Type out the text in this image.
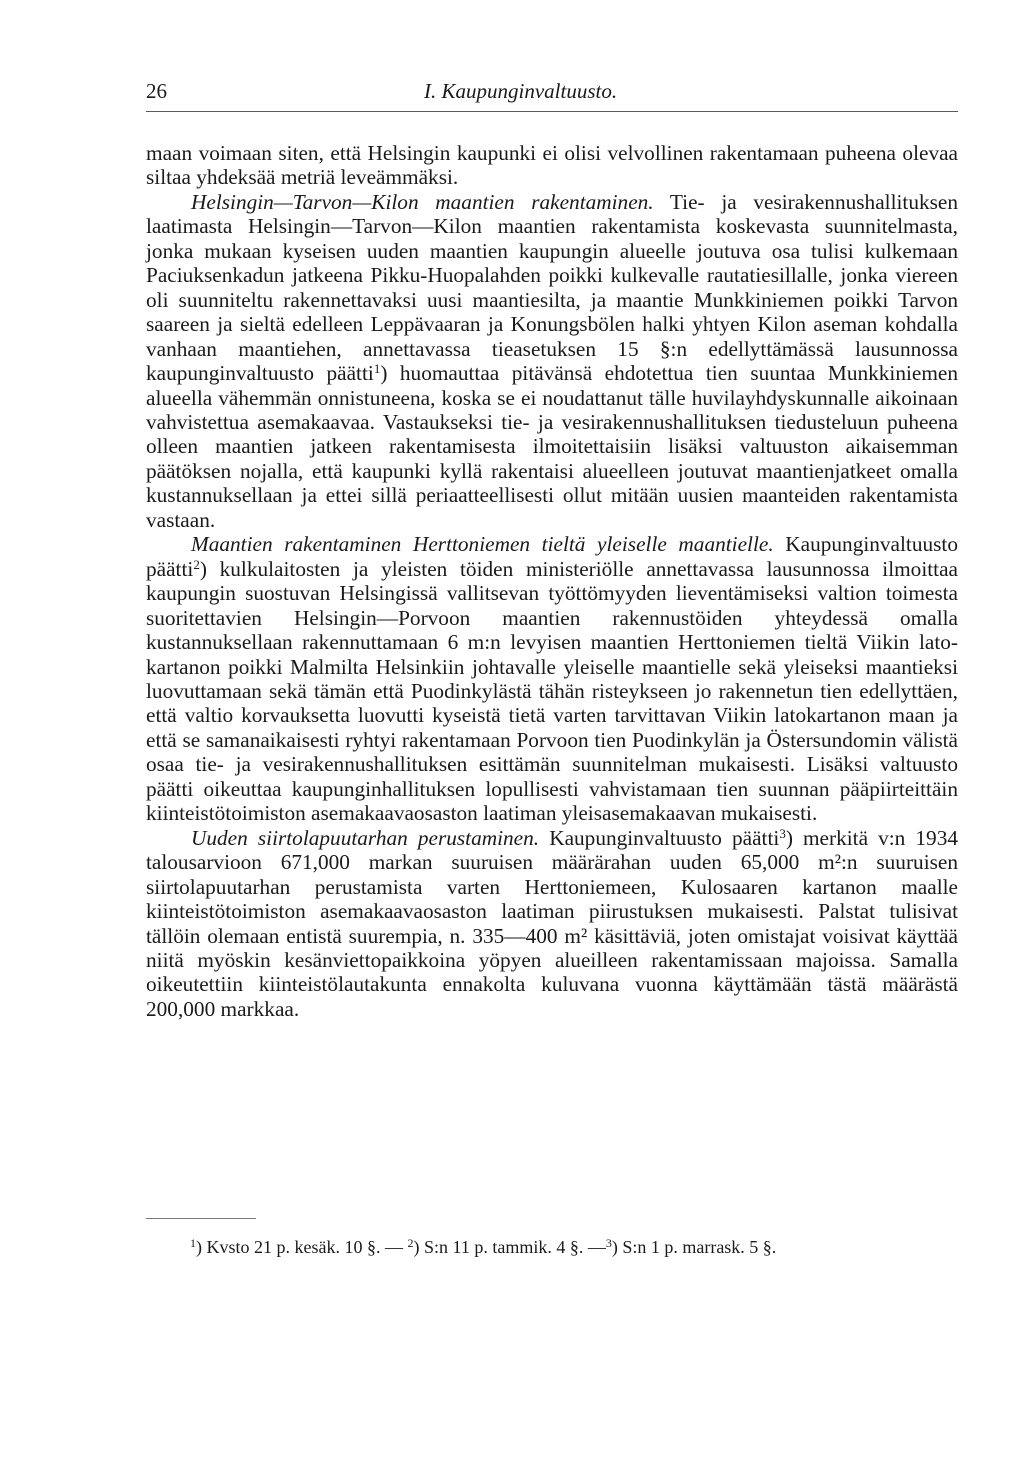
26	I. Kaupunginvaltuusto.

maan voimaan siten, että Helsingin kaupunki ei olisi velvollinen rakentamaan puheena olevaa siltaa yhdeksää metriä leveämmäksi.

Helsingin—Tarvon—Kilon maantien rakentaminen. Tie- ja vesirakennushallituksen laatimasta Helsingin—Tarvon—Kilon maantien rakentamista koskevasta suunnitelmasta, jonka mukaan kyseisen uuden maantien kaupungin alueelle joutuva osa tulisi kulkemaan Paciuksenkadun jatkeena Pikku-Huopalahden poikki kulkevalle rautatiesillalle, jonka viereen oli suunniteltu rakennettavaksi uusi maantiesilta, ja maantie Munkkiniemen poikki Tarvon saareen ja sieltä edelleen Leppävaaran ja Konungsbölen halki yhtyen Kilon aseman kohdalla vanhaan maantiehen, annettavassa tieasetuksen 15 §:n edellyttämässä lausunnossa kaupunginvaltuusto päätti$^1$) huomauttaa pitävänsä ehdotettua tien suuntaa Munkkiniemen alueella vähemmän onnistuneena, koska se ei noudattanut tälle huvilayhdyskunnalle aikoinaan vahvistettua asemakaavaa. Vastaukseksi tie- ja vesirakennushallituksen tiedusteluun puheena olleen maantien jatkeen rakentamisesta ilmoitettaisiin lisäksi valtuuston aikaisemman päätöksen nojalla, että kaupunki kyllä rakentaisi alueelleen joutuvat maantienjatkeet omalla kustannuksellaan ja ettei sillä periaatteellisesti ollut mitään uusien maanteiden rakentamista vastaan.

Maantien rakentaminen Herttoniemen tieltä yleiselle maantielle. Kaupunginvaltuusto päätti$^2$) kulkulaitosten ja yleisten töiden ministeriölle annettavassa lausunnossa ilmoittaa kaupungin suostuvan Helsingissä vallitsevan työttömyyden lieventämiseksi valtion toimesta suoritettavien Helsingin—Porvoon maantien rakennustöiden yhteydessä omalla kustannuksellaan rakennuttamaan 6 m:n levyisen maantien Herttoniemen tieltä Viikin latokartanon poikki Malmilta Helsinkiin johtavalle yleiselle maantielle sekä yleiseksi maantieksi luovuttamaan sekä tämän että Puodinkylästä tähän risteykseen jo rakennetun tien edellyttäen, että valtio korvauksetta luovutti kyseistä tietä varten tarvittavan Viikin latokartanon maan ja että se samanaikaisesti ryhtyi rakentamaan Porvoon tien Puodinkylän ja Östersundomin välistä osaa tie- ja vesirakennushallituksen esittämän suunnitelman mukaisesti. Lisäksi valtuusto päätti oikeuttaa kaupunginhallituksen lopullisesti vahvistamaan tien suunnan pääpiirteittäin kiinteistötoimiston asemakaavaosaston laatiman yleisasemakaavan mukaisesti.

Uuden siirtolapuutarhan perustaminen. Kaupunginvaltuusto päätti$^3$) merkitä v:n 1934 talousarvioon 671,000 markan suuruisen määrärahan uuden 65,000 m²:n suuruisen siirtolapuutarhan perustamista varten Herttoniemeen, Kulosaaren kartanon maalle kiinteistötoimiston asemakaavaosaston laatiman piirustuksen mukaisesti. Palstat tulisivat tällöin olemaan entistä suurempia, n. 335—400 m² käsittäviä, joten omistajat voisivat käyttää niitä myöskin kesänviettopaikkoina yöpyen alueilleen rakentamissaan majoissa. Samalla oikeutettiin kiinteistölautakunta ennakolta kuluvana vuonna käyttämään tästä määrästä 200,000 markkaa.

$^1$) Kvsto 21 p. kesäk. 10 §. — $^2$) S:n 11 p. tammik. 4 §. —$^3$) S:n 1 p. marrask. 5 §.
